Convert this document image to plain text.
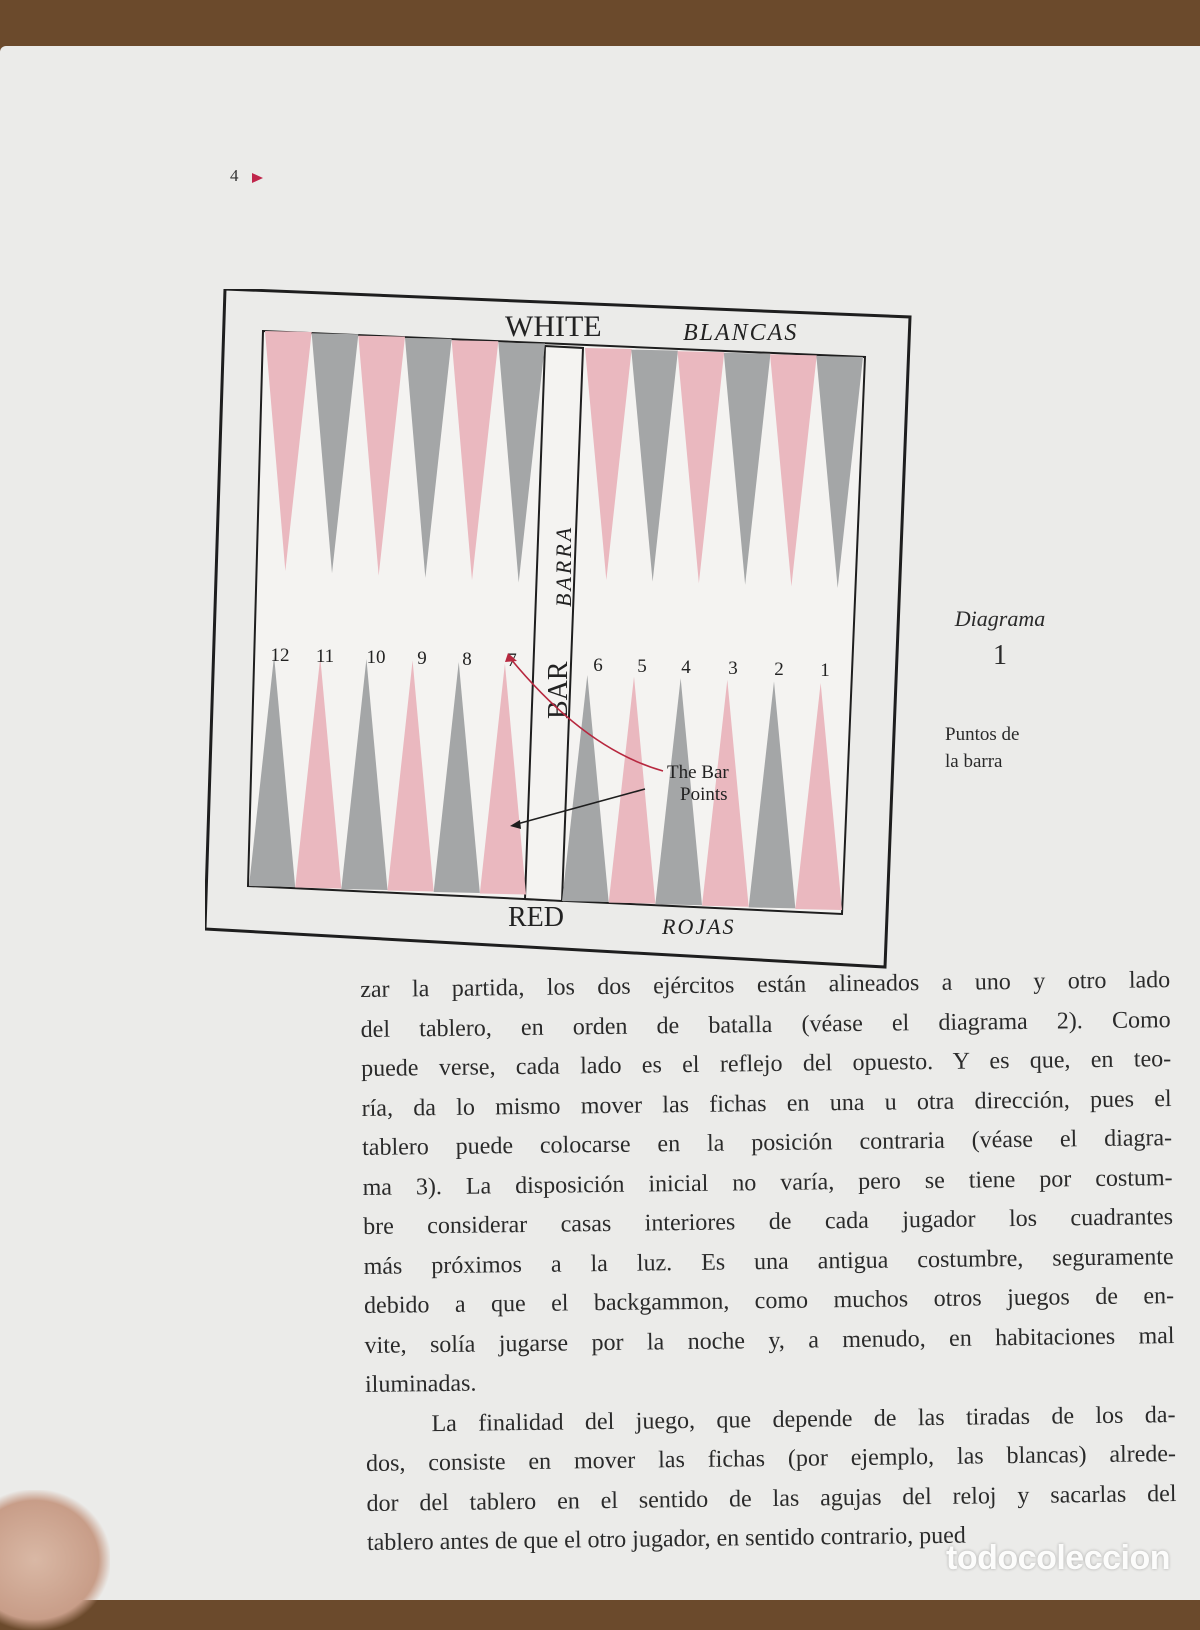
4
WHITE	BLANCAS
RED	ROJAS
BARRA
BAR
12 11 10 9 8	6 5 4 3 2 1
The Bar
Points
Diagrama
1
Puntos de
la barra

zar la partida, los dos ejércitos están alineados a uno y otro lado
del tablero, en orden de batalla (véase el diagrama 2). Como
puede verse, cada lado es el reflejo del opuesto. Y es que, en teo-
ría, da lo mismo mover las fichas en una u otra dirección, pues el
tablero puede colocarse en la posición contraria (véase el diagra-
ma 3). La disposición inicial no varía, pero se tiene por costum-
bre considerar casas interiores de cada jugador los cuadrantes
más próximos a la luz. Es una antigua costumbre, seguramente
debido a que el backgammon, como muchos otros juegos de en-
vite, solía jugarse por la noche y, a menudo, en habitaciones mal
iluminadas.

La finalidad del juego, que depende de las tiradas de los da-
dos, consiste en mover las fichas (por ejemplo, las blancas) alrede-
dor del tablero en el sentido de las agujas del reloj y sacarlas del
tablero antes de que el otro jugador, en sentido contrario, pued

todocoleccion
